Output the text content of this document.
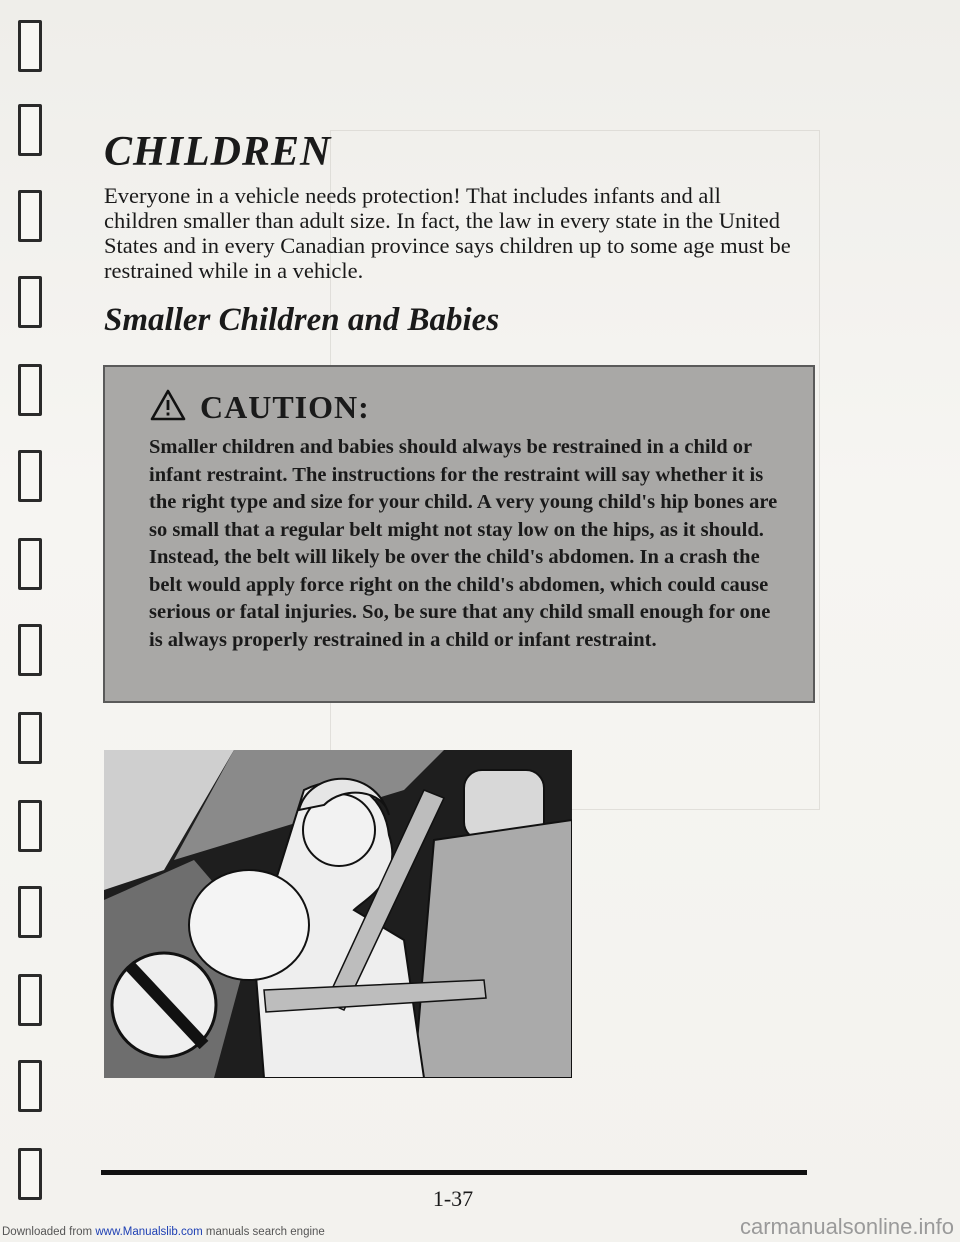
CHILDREN

Everyone in a vehicle needs protection! That includes infants and all children smaller than adult size. In fact, the law in every state in the United States and in every Canadian province says children up to some age must be restrained while in a vehicle.

Smaller Children and Babies
CAUTION:

Smaller children and babies should always be restrained in a child or infant restraint. The instructions for the restraint will say whether it is the right type and size for your child. A very young child's hip bones are so small that a regular belt might not stay low on the hips, as it should. Instead, the belt will likely be over the child's abdomen. In a crash the belt would apply force right on the child's abdomen, which could cause serious or fatal injuries. So, be sure that any child small enough for one is always properly restrained in a child or infant restraint.

1-37
Downloaded from www.Manualslib.com manuals search engine	carmanualsonline.info
